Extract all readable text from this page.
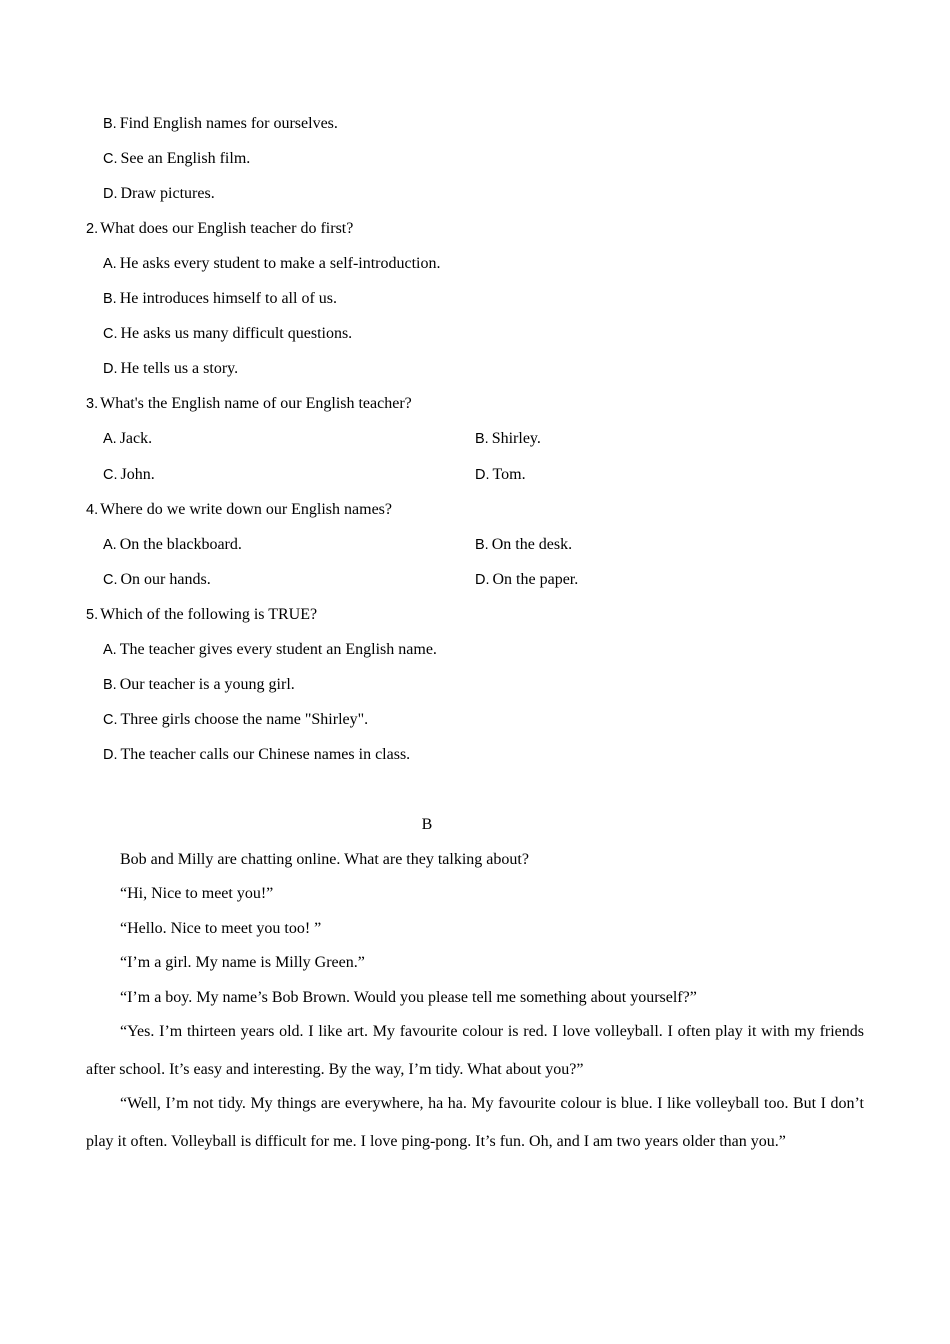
B. Find English names for ourselves.
C. See an English film.
D. Draw pictures.
2. What does our English teacher do first?
A. He asks every student to make a self-introduction.
B. He introduces himself to all of us.
C. He asks us many difficult questions.
D. He tells us a story.
3. What's the English name of our English teacher?
A. Jack.	B. Shirley.
C. John.	D. Tom.
4. Where do we write down our English names?
A. On the blackboard.	B. On the desk.
C. On our hands.	D. On the paper.
5. Which of the following is TRUE?
A. The teacher gives every student an English name.
B. Our teacher is a young girl.
C. Three girls choose the name "Shirley".
D. The teacher calls our Chinese names in class.
B
Bob and Milly are chatting online. What are they talking about?
“Hi, Nice to meet you!”
“Hello. Nice to meet you too! ”
“I’m a girl. My name is Milly Green.”
“I’m a boy. My name’s Bob Brown. Would you please tell me something about yourself?”
“Yes. I’m thirteen years old. I like art. My favourite colour is red. I love volleyball. I often play it with my friends after school. It’s easy and interesting. By the way, I’m tidy. What about you?”
“Well, I’m not tidy. My things are everywhere, ha ha. My favourite colour is blue. I like volleyball too. But I don’t play it often. Volleyball is difficult for me. I love ping-pong. It’s fun. Oh, and I am two years older than you.”
